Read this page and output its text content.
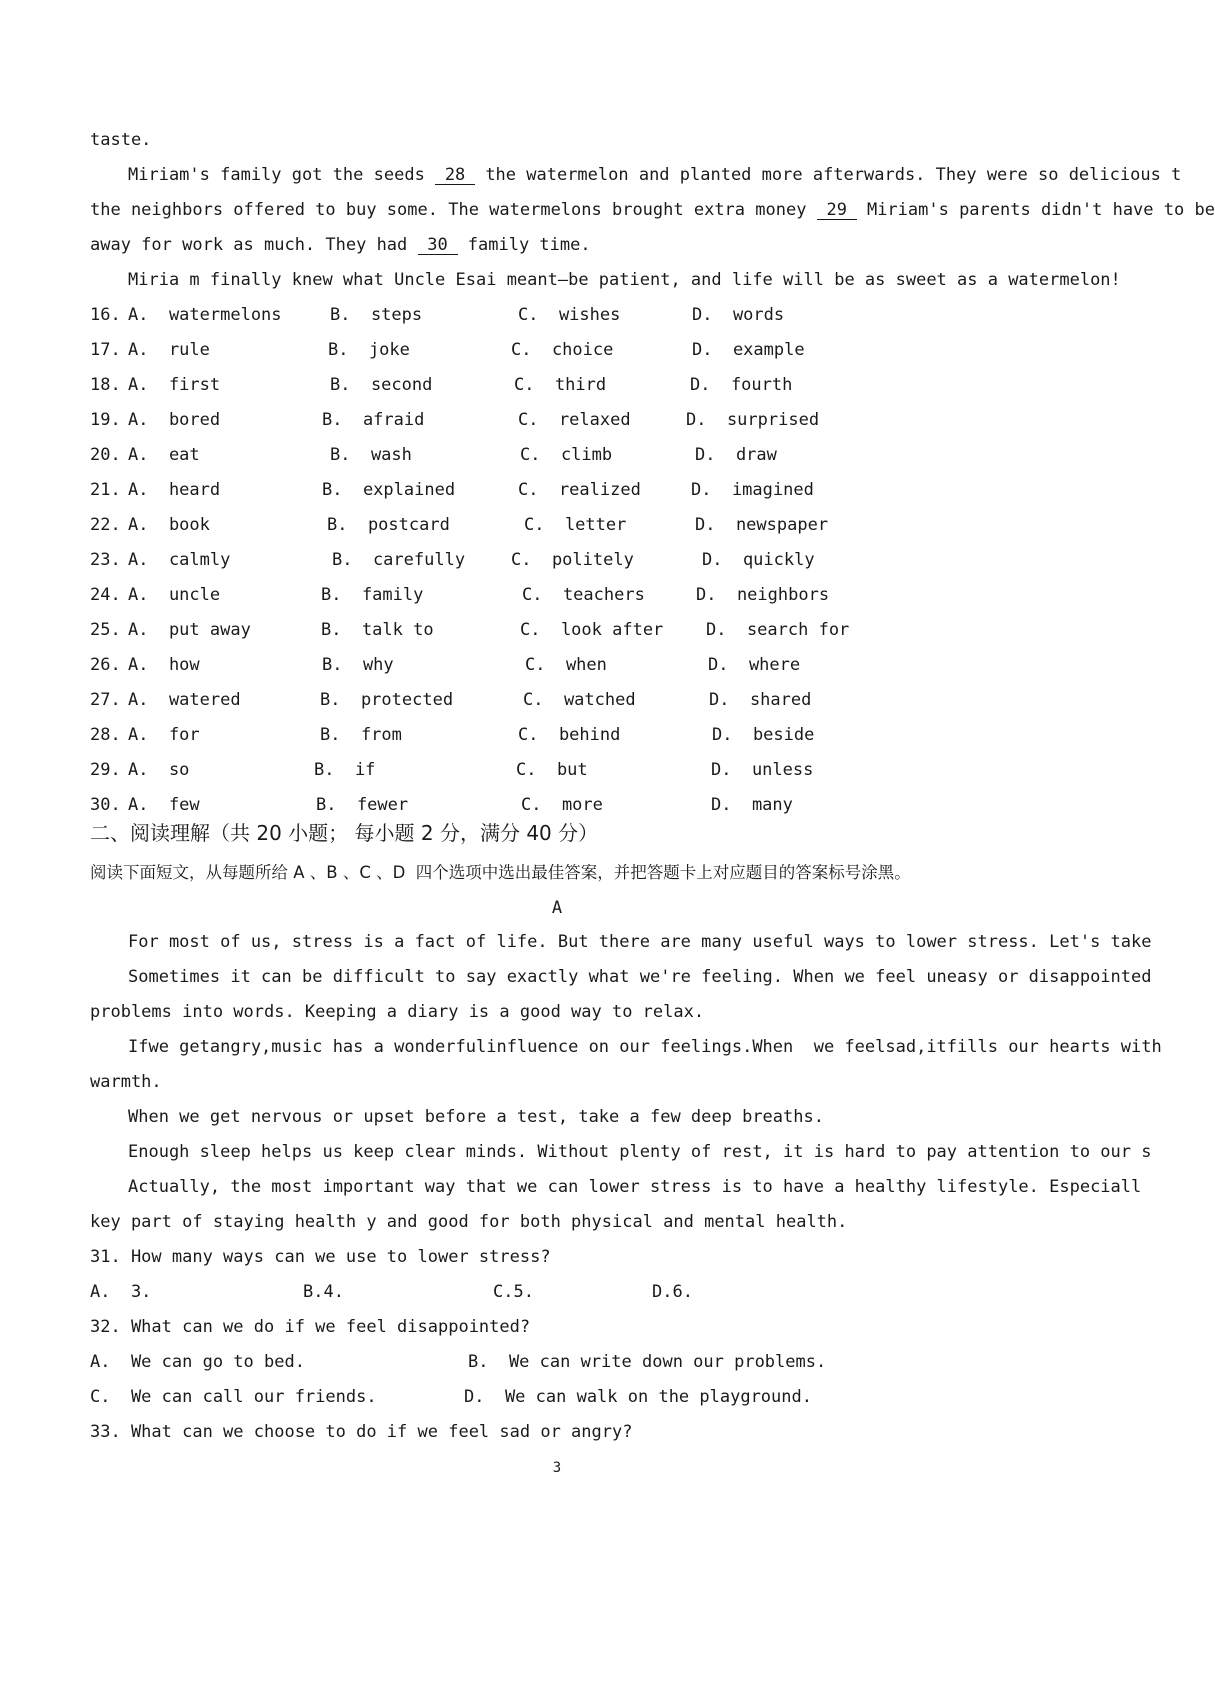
taste.
Miriam's family got the seeds 28 the watermelon and planted more afterwards. They were so delicious t
the neighbors offered to buy some. The watermelons brought extra money 29 Miriam's parents didn't have to be
away for work as much. They had 30 family time.
Miria m finally knew what Uncle Esai meant—be patient, and life will be as sweet as a watermelon!
16. A.  watermelons	B.  steps	C.  wishes	D.  words
17. A.  rule	B.  joke	C.  choice	D.  example
18. A.  first	B.  second	C.  third	D.  fourth
19. A.  bored	B.  afraid	C.  relaxed	D.  surprised
20. A.  eat	B.  wash	C.  climb	D.  draw
21. A.  heard	B.  explained	C.  realized	D.  imagined
22. A.  book	B.  postcard	C.  letter	D.  newspaper
23. A.  calmly	B.  carefully	C.  politely	D.  quickly
24. A.  uncle	B.  family	C.  teachers	D.  neighbors
25. A.  put away	B.  talk to	C.  look after	D.  search for
26. A.  how	B.  why	C.  when	D.  where
27. A.  watered	B.  protected	C.  watched	D.  shared
28. A.  for	B.  from	C.  behind	D.  beside
29. A.  so	B.  if	C.  but	D.  unless
30. A.  few	B.  fewer	C.  more	D.  many
二、阅读理解（共 20 小题； 每小题 2 分，满分 40 分）
阅读下面短文，从每题所给 A 、B 、C 、D  四个选项中选出最佳答案，并把答题卡上对应题目的答案标号涂黑。
A
For most of us, stress is a fact of life. But there are many useful ways to lower stress. Let's take
Sometimes it can be difficult to say exactly what we're feeling. When we feel uneasy or disappointed
problems into words. Keeping a diary is a good way to relax.
Ifwe getangry,music has a wonderfulinfluence on our feelings.When  we feelsad,itfills our hearts with
warmth.
When we get nervous or upset before a test, take a few deep breaths.
Enough sleep helps us keep clear minds. Without plenty of rest, it is hard to pay attention to our s
Actually, the most important way that we can lower stress is to have a healthy lifestyle. Especiall
key part of staying health y and good for both physical and mental health.
31. How many ways can we use to lower stress?
A.  3.	B.4.	C.5.	D.6.
32. What can we do if we feel disappointed?
A.  We can go to bed.	B.  We can write down our problems.
C.  We can call our friends.	D.  We can walk on the playground.
33. What can we choose to do if we feel sad or angry?
3
